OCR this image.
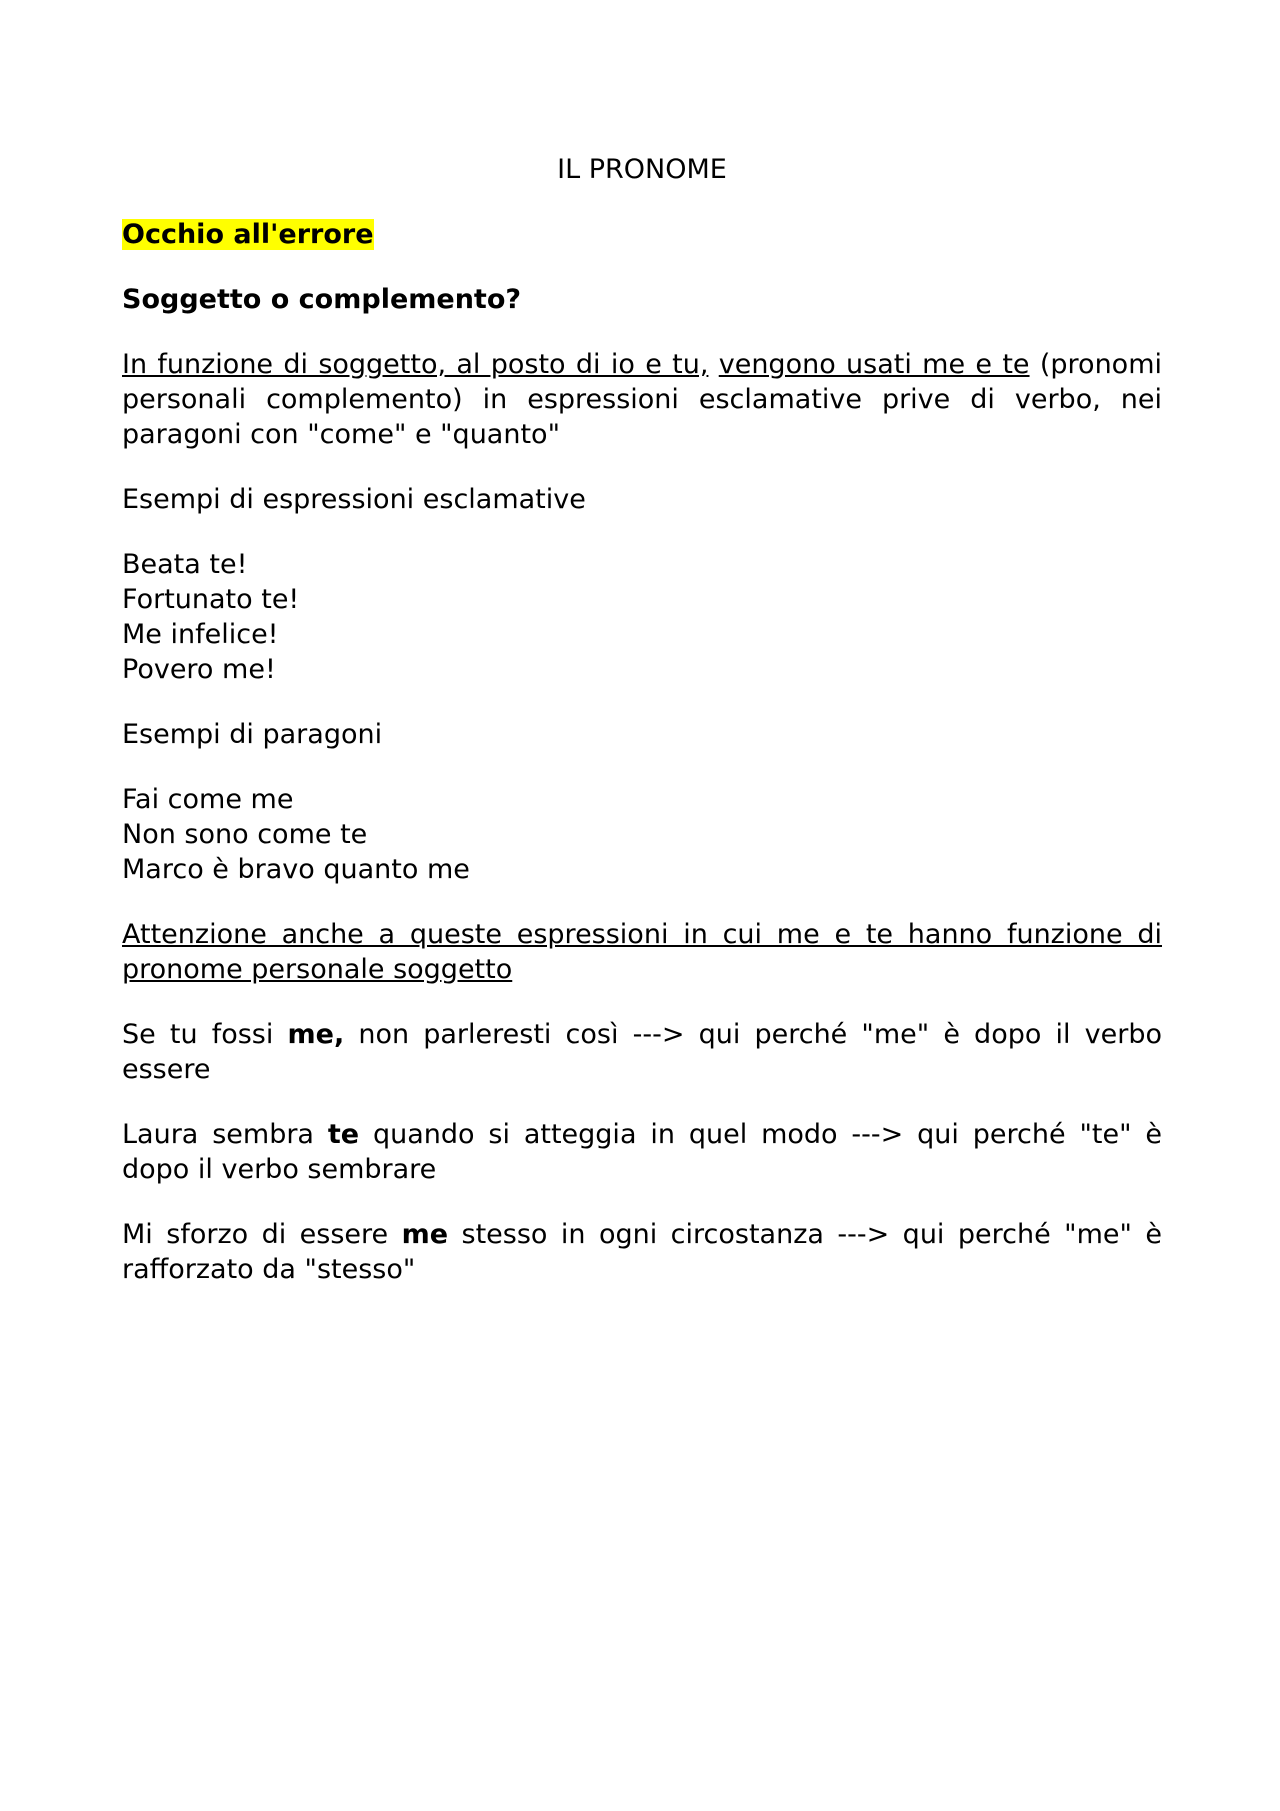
IL PRONOME

Occhio all'errore

Soggetto o complemento?

In funzione di soggetto, al posto di io e tu, vengono usati me e te (pronomi personali complemento) in espressioni esclamative prive di verbo, nei paragoni con "come" e "quanto"

Esempi di espressioni esclamative

Beata te!
Fortunato te!
Me infelice!
Povero me!

Esempi di paragoni

Fai come me
Non sono come te
Marco è bravo quanto me

Attenzione anche a queste espressioni in cui me e te hanno funzione di pronome personale soggetto

Se tu fossi me, non parleresti così ---> qui perché "me" è dopo il verbo essere

Laura sembra te quando si atteggia in quel modo ---> qui perché "te" è dopo il verbo sembrare

Mi sforzo di essere me stesso in ogni circostanza ---> qui perché "me" è rafforzato da "stesso"
